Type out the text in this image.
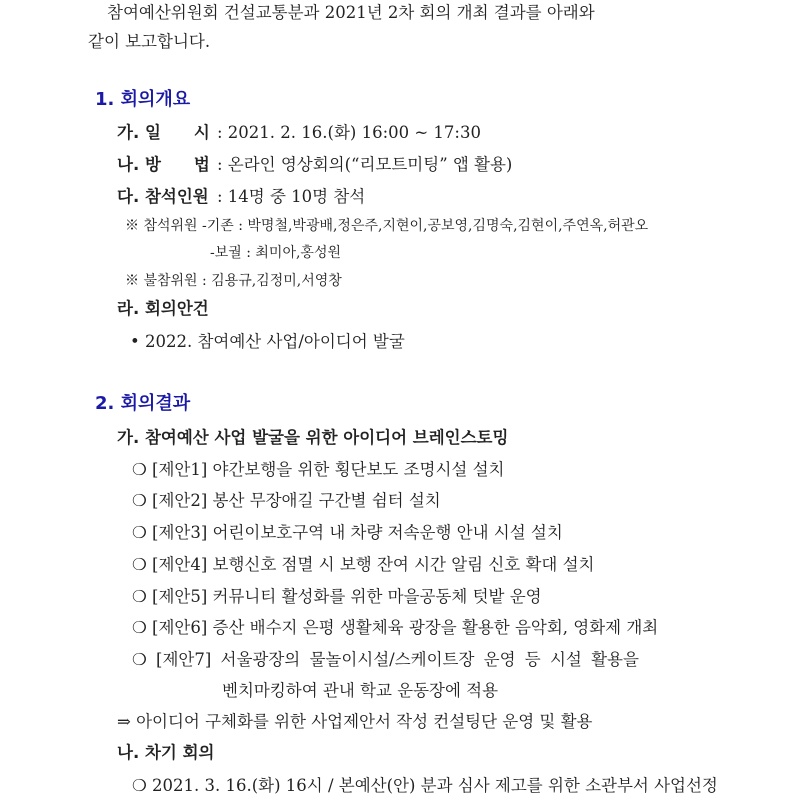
참여예산위원회 건설교통분과 2021년 2차 회의 개최 결과를 아래와
같이 보고합니다.
1. 회의개요
가. 일　　시 : 2021. 2. 16.(화) 16:00 ~ 17:30
나. 방　　법 : 온라인 영상회의(“리모트미팅” 앱 활용)
다. 참석인원 : 14명 중 10명 참석
※ 참석위원 -기존 : 박명철,박광배,정은주,지현이,공보영,김명숙,김현이,주연옥,허관오
-보궐 : 최미아,홍성원
※ 불참위원 : 김용규,김정미,서영창
라. 회의안건
• 2022. 참여예산 사업/아이디어 발굴
2. 회의결과
가. 참여예산 사업 발굴을 위한 아이디어 브레인스토밍
❍ [제안1] 야간보행을 위한 횡단보도 조명시설 설치
❍ [제안2] 봉산 무장애길 구간별 쉼터 설치
❍ [제안3] 어린이보호구역 내 차량 저속운행 안내 시설 설치
❍ [제안4] 보행신호 점멸 시 보행 잔여 시간 알림 신호 확대 설치
❍ [제안5] 커뮤니티 활성화를 위한 마을공동체 텃밭 운영
❍ [제안6] 증산 배수지 은평 생활체육 광장을 활용한 음악회, 영화제 개최
❍ [제안7] 서울광장의 물놀이시설/스케이트장 운영 등 시설 활용을
벤치마킹하여 관내 학교 운동장에 적용
⇒ 아이디어 구체화를 위한 사업제안서 작성 컨설팅단 운영 및 활용
나. 차기 회의
❍ 2021. 3. 16.(화) 16시 / 본예산(안) 분과 심사 제고를 위한 소관부서 사업선정
